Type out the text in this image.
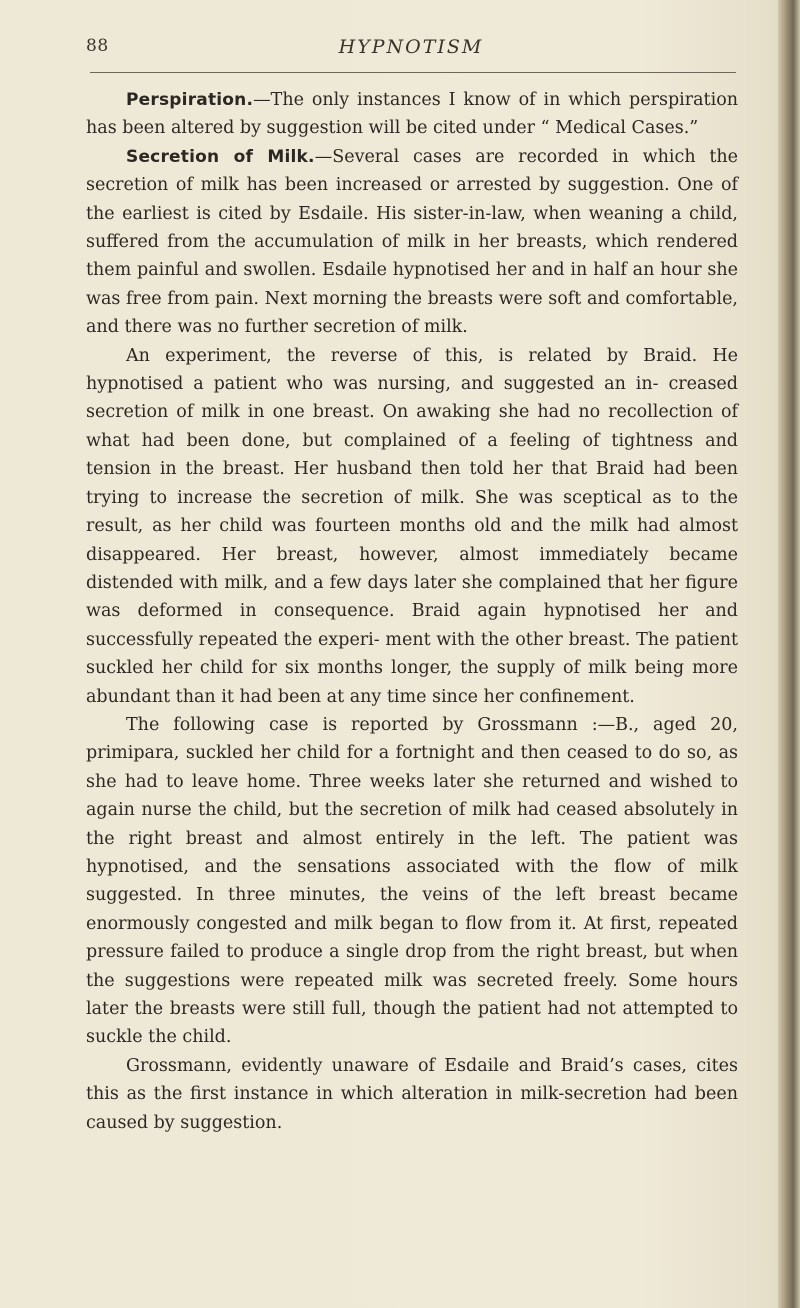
88	HYPNOTISM

Perspiration.—The only instances I know of in which perspiration has been altered by suggestion will be cited under “ Medical Cases.”

Secretion of Milk.—Several cases are recorded in which the secretion of milk has been increased or arrested by suggestion. One of the earliest is cited by Esdaile. His sister-in-law, when weaning a child, suffered from the accumulation of milk in her breasts, which rendered them painful and swollen. Esdaile hypnotised her and in half an hour she was free from pain. Next morning the breasts were soft and comfortable, and there was no further secretion of milk.

An experiment, the reverse of this, is related by Braid. He hypnotised a patient who was nursing, and suggested an in- creased secretion of milk in one breast. On awaking she had no recollection of what had been done, but complained of a feeling of tightness and tension in the breast. Her husband then told her that Braid had been trying to increase the secretion of milk. She was sceptical as to the result, as her child was fourteen months old and the milk had almost disappeared. Her breast, however, almost immediately became distended with milk, and a few days later she complained that her figure was deformed in consequence. Braid again hypnotised her and successfully repeated the experi- ment with the other breast. The patient suckled her child for six months longer, the supply of milk being more abundant than it had been at any time since her confinement.

The following case is reported by Grossmann :—B., aged 20, primipara, suckled her child for a fortnight and then ceased to do so, as she had to leave home. Three weeks later she returned and wished to again nurse the child, but the secretion of milk had ceased absolutely in the right breast and almost entirely in the left. The patient was hypnotised, and the sensations associated with the flow of milk suggested. In three minutes, the veins of the left breast became enormously congested and milk began to flow from it. At first, repeated pressure failed to produce a single drop from the right breast, but when the suggestions were repeated milk was secreted freely. Some hours later the breasts were still full, though the patient had not attempted to suckle the child.

Grossmann, evidently unaware of Esdaile and Braid’s cases, cites this as the first instance in which alteration in milk-secretion had been caused by suggestion.
